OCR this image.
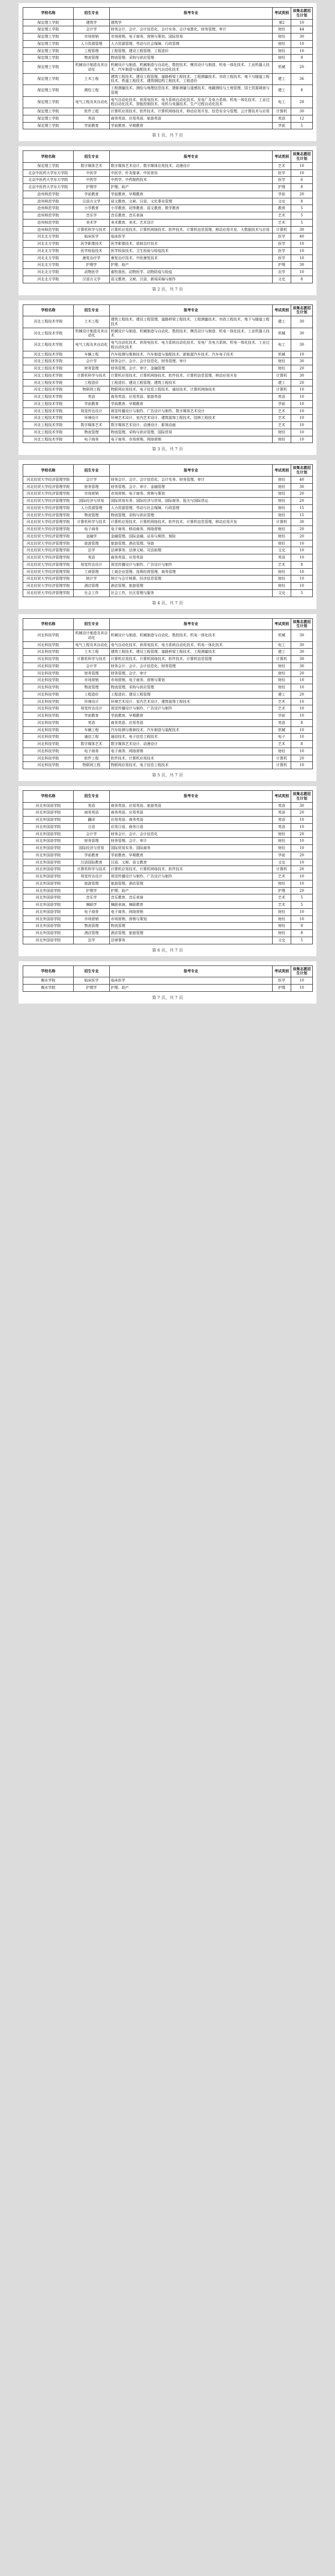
学校名称	招生专业	报考专业	考试类别	该集志愿招生计划
保定理工学院	建筑学	建筑学	第2	10
保定理工学院	会计学	财务会计、会计、会计信息化、会计实务、会计电算化、财务管理、审计	财经	44
保定理工学院	市场营销	市场营销、电子商务、营销与策划、国际贸易	财经	30
保定理工学院	人力资源管理	人力资源管理、劳动与社会保障、行政管理	财经	10
保定理工学院	工程管理	工程管理、建设工程管理、工程造价	财经	10
保定理工学院	物流管理	物流管理、采购与供应管理	财经	9
保定理工学院	机械设计制造及其自动化	机械设计与制造、机械制造与自动化、数控技术、模具设计与制造、机电一体化技术、工业机器人技术、汽车制造与装配技术、电气自动化技术	机械	20
保定理工学院	土木工程	建筑工程技术、建设工程管理、道路桥梁工程技术、工程测量技术、市政工程技术、地下与隧道工程技术、铁道工程技术、建筑钢结构工程技术、工程造价	建工	36
保定理工学院	测绘工程	工程测量技术、测绘与地理信息技术、摄影测量与遥感技术、地籍测绘与土地管理、国土资源调查与管理	建工	8
保定理工学院	电气工程及其自动化	电气自动化技术、供用电技术、电力系统自动化技术、发电厂及电力系统、机电一体化技术、工业过程自动化技术、智能控制技术、电机与电器技术、生产过程自动化技术	电工	28
保定理工学院	软件工程	计算机应用技术、软件技术、计算机网络技术、移动应用开发、信息安全与管理、云计算技术与应用	计算机	30
保定理工学院	英语	商务英语、应用英语、旅游英语	英语	12
保定理工学院	学前教育	学前教育、早期教育	学前	5
第 1 页，共 7 页
学校名称	招生专业	报考专业	考试类别	该集志愿招生计划
保定理工学院	数字媒体艺术	数字媒体艺术设计、数字媒体应用技术、动漫设计	艺术	10
北京中医药大学东方学院	中医学	中医学、针灸推拿、中医骨伤	医学	10
北京中医药大学东方学院	中药学	中药学、中药制药技术	医学	6
北京中医药大学东方学院	护理学	护理、助产	护理	8
沧州师范学院	学前教育	学前教育、早期教育	学前	20
沧州师范学院	汉语言文学	语文教育、文秘、汉语、文化事业管理	文史	8
沧州师范学院	小学教育	小学教育、初等教育、语文教育、数学教育	教育	5
沧州师范学院	音乐学	音乐教育、音乐表演	艺术	5
沧州师范学院	美术学	美术教育、美术、艺术设计	艺术	5
沧州师范学院	计算机科学与技术	计算机应用技术、计算机网络技术、软件技术、计算机信息管理、移动应用开发、大数据技术与应用	计算机	30
河北北方学院	临床医学	临床医学	医学	40
河北北方学院	医学影像技术	医学影像技术、放射治疗技术	医学	10
河北北方学院	医学检验技术	医学检验技术、卫生检验与检疫技术	医学	10
河北北方学院	康复治疗学	康复治疗技术、中医康复技术	医学	10
河北北方学院	护理学	护理、助产	护理	30
河北北方学院	动物医学	畜牧兽医、动物医学、动物防疫与检疫	农学	10
河北北方学院	汉语言文学	语文教育、文秘、汉语、新闻采编与制作	文史	8
第 2 页，共 7 页
学校名称	招生专业	报考专业	考试类别	该集志愿招生计划
河北工程技术学院	土木工程	建筑工程技术、建设工程管理、道路桥梁工程技术、工程测量技术、市政工程技术、地下与隧道工程技术	建工	30
河北工程技术学院	机械设计制造及其自动化	机械设计与制造、机械制造与自动化、数控技术、模具设计与制造、机电一体化技术、工业机器人技术	机械	30
河北工程技术学院	电气工程及其自动化	电气自动化技术、供用电技术、电力系统自动化技术、发电厂及电力系统、机电一体化技术、工业过程自动化技术	电工	30
河北工程技术学院	车辆工程	汽车检测与维修技术、汽车制造与装配技术、新能源汽车技术、汽车电子技术	机械	10
河北工程技术学院	会计学	财务会计、会计、会计信息化、财务管理、审计	财经	30
河北工程技术学院	财务管理	财务管理、会计、审计、金融管理	财经	20
河北工程技术学院	计算机科学与技术	计算机应用技术、计算机网络技术、软件技术、计算机信息管理、移动应用开发	计算机	30
河北工程技术学院	工程造价	工程造价、建设工程管理、建筑工程技术	建工	20
河北工程技术学院	物联网工程	物联网应用技术、电子信息工程技术、通信技术、计算机网络技术	计算机	10
河北工程技术学院	英语	商务英语、应用英语、旅游英语	英语	10
河北工程技术学院	学前教育	学前教育、早期教育	学前	10
河北工程技术学院	视觉传达设计	视觉传播设计与制作、广告设计与制作、数字媒体艺术设计	艺术	10
河北工程技术学院	环境设计	环境艺术设计、室内艺术设计、建筑装饰工程技术、园林工程技术	艺术	10
河北工程技术学院	数字媒体艺术	数字媒体艺术设计、动漫设计、影视动画	艺术	10
河北工程技术学院	物流管理	物流管理、采购与供应管理、国际贸易	财经	10
河北工程技术学院	电子商务	电子商务、市场营销、网络营销	财经	10
第 3 页，共 7 页
学校名称	招生专业	报考专业	考试类别	该集志愿招生计划
河北经贸大学经济管理学院	会计学	财务会计、会计、会计信息化、会计实务、财务管理、审计	财经	40
河北经贸大学经济管理学院	财务管理	财务管理、会计、审计、金融管理	财经	30
河北经贸大学经济管理学院	市场营销	市场营销、电子商务、营销与策划	财经	20
河北经贸大学经济管理学院	国际经济与贸易	国际贸易实务、国际经济与贸易、国际商务、报关与国际货运	财经	20
河北经贸大学经济管理学院	人力资源管理	人力资源管理、劳动与社会保障、行政管理	财经	15
河北经贸大学经济管理学院	物流管理	物流管理、采购与供应管理	财经	15
河北经贸大学经济管理学院	计算机科学与技术	计算机应用技术、计算机网络技术、软件技术、计算机信息管理、移动应用开发	计算机	30
河北经贸大学经济管理学院	电子商务	电子商务、移动商务、网络营销	财经	20
河北经贸大学经济管理学院	金融学	金融管理、国际金融、证券与期货、保险	财经	20
河北经贸大学经济管理学院	旅游管理	旅游管理、酒店管理、导游	财经	10
河北经贸大学经济管理学院	法学	法律事务、法律文秘、司法助理	文史	10
河北经贸大学经济管理学院	英语	商务英语、应用英语	英语	10
河北经贸大学经济管理学院	视觉传达设计	视觉传播设计与制作、广告设计与制作	艺术	8
河北经贸大学经济管理学院	工商管理	工商企业管理、连锁经营管理、商务管理	财经	10
河北经贸大学经济管理学院	统计学	统计与会计核算、经济信息管理	财经	10
河北经贸大学经济管理学院	酒店管理	酒店管理、旅游管理	财经	10
河北经贸大学经济管理学院	社会工作	社会工作、社区管理与服务	文史	5
第 4 页，共 7 页
学校名称	招生专业	报考专业	考试类别	该集志愿招生计划
河北科技学院	机械设计制造及其自动化	机械设计与制造、机械制造与自动化、数控技术、机电一体化技术	机械	30
河北科技学院	电气工程及其自动化	电气自动化技术、供用电技术、电力系统自动化技术、机电一体化技术	电工	30
河北科技学院	土木工程	建筑工程技术、建设工程管理、道路桥梁工程技术、工程测量技术	建工	30
河北科技学院	计算机科学与技术	计算机应用技术、计算机网络技术、软件技术、计算机信息管理	计算机	30
河北科技学院	会计学	财务会计、会计、会计信息化、财务管理	财经	30
河北科技学院	财务管理	财务管理、会计、审计	财经	20
河北科技学院	市场营销	市场营销、电子商务、营销与策划	财经	10
河北科技学院	物流管理	物流管理、采购与供应管理	财经	10
河北科技学院	工程造价	工程造价、建设工程管理	建工	20
河北科技学院	环境设计	环境艺术设计、室内艺术设计、建筑装饰工程技术	艺术	10
河北科技学院	视觉传达设计	视觉传播设计与制作、广告设计与制作	艺术	10
河北科技学院	学前教育	学前教育、早期教育	学前	10
河北科技学院	英语	商务英语、应用英语	英语	8
河北科技学院	车辆工程	汽车检测与维修技术、汽车制造与装配技术	机械	10
河北科技学院	通信工程	通信技术、电子信息工程技术	电子	10
河北科技学院	数字媒体艺术	数字媒体艺术设计、动漫设计	艺术	8
河北科技学院	电子商务	电子商务、网络营销	财经	10
河北科技学院	软件工程	软件技术、计算机应用技术	计算机	20
河北科技学院	物联网工程	物联网应用技术、电子信息工程技术	计算机	10
第 5 页，共 7 页
学校名称	招生专业	报考专业	考试类别	该集志愿招生计划
河北外国语学院	英语	商务英语、应用英语、旅游英语	英语	30
河北外国语学院	商务英语	商务英语、应用英语	英语	20
河北外国语学院	翻译	应用英语、商务英语	英语	10
河北外国语学院	日语	应用日语、商务日语	英语	10
河北外国语学院	会计学	财务会计、会计、会计信息化	财经	20
河北外国语学院	财务管理	财务管理、会计、审计	财经	10
河北外国语学院	国际经济与贸易	国际贸易实务、国际商务	财经	10
河北外国语学院	学前教育	学前教育、早期教育	学前	20
河北外国语学院	汉语国际教育	汉语、文秘、语文教育	文史	10
河北外国语学院	计算机科学与技术	计算机应用技术、计算机网络技术、软件技术	计算机	20
河北外国语学院	视觉传达设计	视觉传播设计与制作、广告设计与制作	艺术	10
河北外国语学院	旅游管理	旅游管理、酒店管理	财经	10
河北外国语学院	护理学	护理、助产	护理	20
河北外国语学院	音乐学	音乐教育、音乐表演	艺术	5
河北外国语学院	舞蹈学	舞蹈表演、舞蹈教育	艺术	5
河北外国语学院	电子商务	电子商务、网络营销	财经	10
河北外国语学院	市场营销	市场营销、营销与策划	财经	10
河北外国语学院	物流管理	物流管理	财经	8
河北外国语学院	酒店管理	酒店管理、旅游管理	财经	8
河北外国语学院	法学	法律事务	文史	5
第 6 页，共 7 页
学校名称	招生专业	报考专业	考试类别	该集志愿招生计划
衡水学院	临床医学	临床医学	医学	10
衡水学院	护理学	护理、助产	护理	10
第 7 页，共 7 页
